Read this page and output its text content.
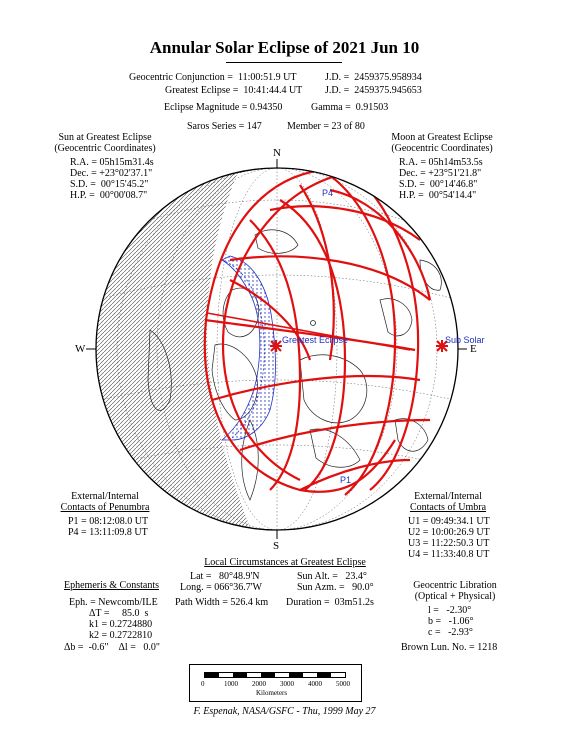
Annular Solar Eclipse of 2021 Jun 10
Geocentric Conjunction =  11:00:51.9 UT	J.D. =  2459375.958934
Greatest Eclipse =  10:41:44.4 UT J.D. =  2459375.945653
Eclipse Magnitude = 0.94350	Gamma =  0.91503
Saros Series = 147	Member = 23 of 80
Sun at Greatest Eclipse
(Geocentric Coordinates)
R.A. = 05h15m31.4s
Dec. = +23°02'37.1"
S.D. =  00°15'45.2"
H.P. =  00°00'08.7"
Moon at Greatest Eclipse
(Geocentric Coordinates)
R.A. = 05h14m53.5s
Dec. = +23°51'21.8"
S.D. =  00°14'46.8"
H.P. =  00°54'14.4"
N
S
W	E
Greatest Eclipse	Sub Solar
P4
P1
External/Internal
Contacts of Penumbra
P1 = 08:12:08.0 UT
P4 = 13:11:09.8 UT
External/Internal
Contacts of Umbra
U1 = 09:49:34.1 UT
U2 = 10:00:26.9 UT
U3 = 11:22:50.3 UT
U4 = 11:33:40.8 UT
Local Circumstances at Greatest Eclipse
Lat =   80°48.9'N	Sun Alt. =   23.4°
Long. = 066°36.7'W	Sun Azm. =   90.0°
Path Width = 526.4 km Duration =  03m51.2s
Ephemeris & Constants
Eph. = Newcomb/ILE
ΔT =     85.0  s
k1 = 0.2724880
k2 = 0.2722810
Δb =  -0.6"    Δl =   0.0"
Geocentric Libration
(Optical + Physical)
l =   -2.30°
b =   -1.06°
c =   -2.93°
Brown Lun. No. = 1218
0	1000 2000 3000 4000 5000
Kilometers
F. Espenak, NASA/GSFC - Thu, 1999 May 27
